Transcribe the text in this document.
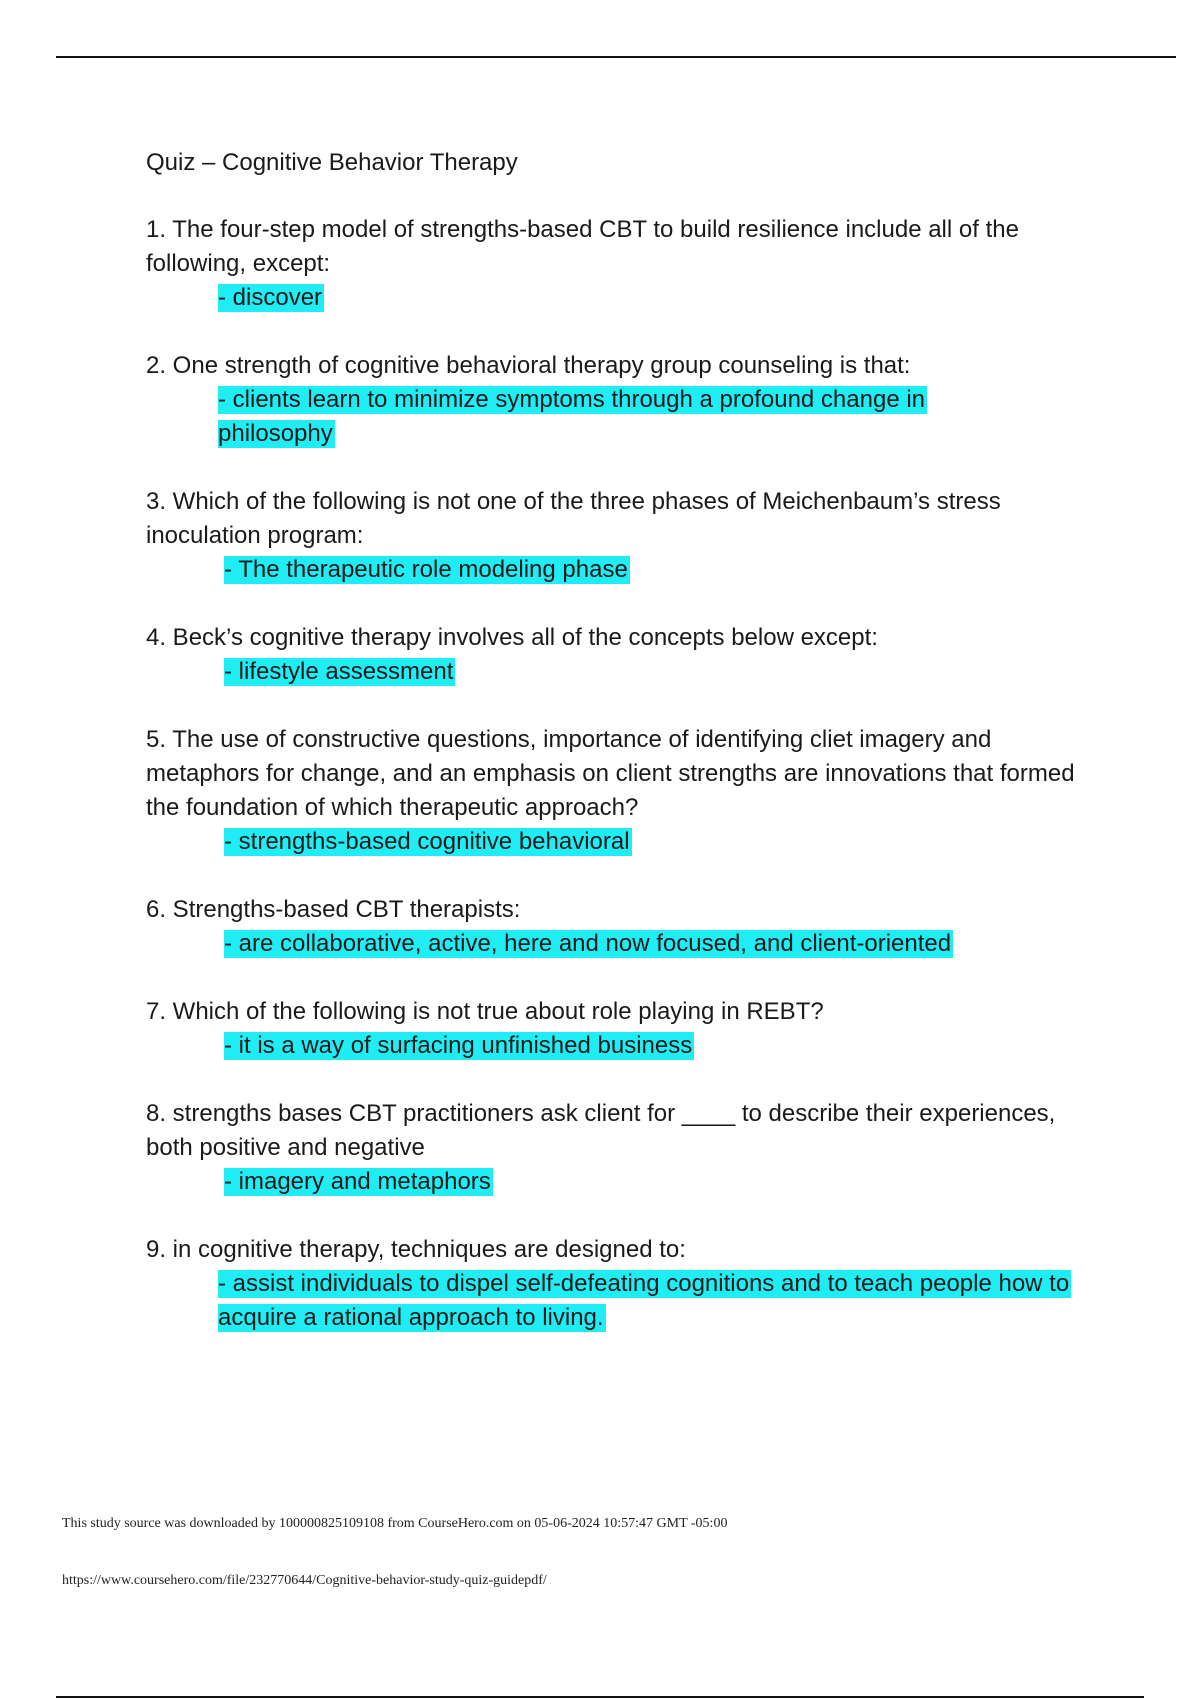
Quiz – Cognitive Behavior Therapy
1. The four-step model of strengths-based CBT to build resilience include all of the following, except:
- discover
2. One strength of cognitive behavioral therapy group counseling is that:
- clients learn to minimize symptoms through a profound change in philosophy
3. Which of the following is not one of the three phases of Meichenbaum’s stress inoculation program:
- The therapeutic role modeling phase
4. Beck’s cognitive therapy involves all of the concepts below except:
- lifestyle assessment
5. The use of constructive questions, importance of identifying cliet imagery and metaphors for change, and an emphasis on client strengths are innovations that formed the foundation of which therapeutic approach?
- strengths-based cognitive behavioral
6. Strengths-based CBT therapists:
- are collaborative, active, here and now focused, and client-oriented
7. Which of the following is not true about role playing in REBT?
- it is a way of surfacing unfinished business
8. strengths bases CBT practitioners ask client for ____ to describe their experiences, both positive and negative
- imagery and metaphors
9. in cognitive therapy, techniques are designed to:
- assist individuals to dispel self-defeating cognitions and to teach people how to acquire a rational approach to living.
This study source was downloaded by 100000825109108 from CourseHero.com on 05-06-2024 10:57:47 GMT -05:00
https://www.coursehero.com/file/232770644/Cognitive-behavior-study-quiz-guidepdf/
